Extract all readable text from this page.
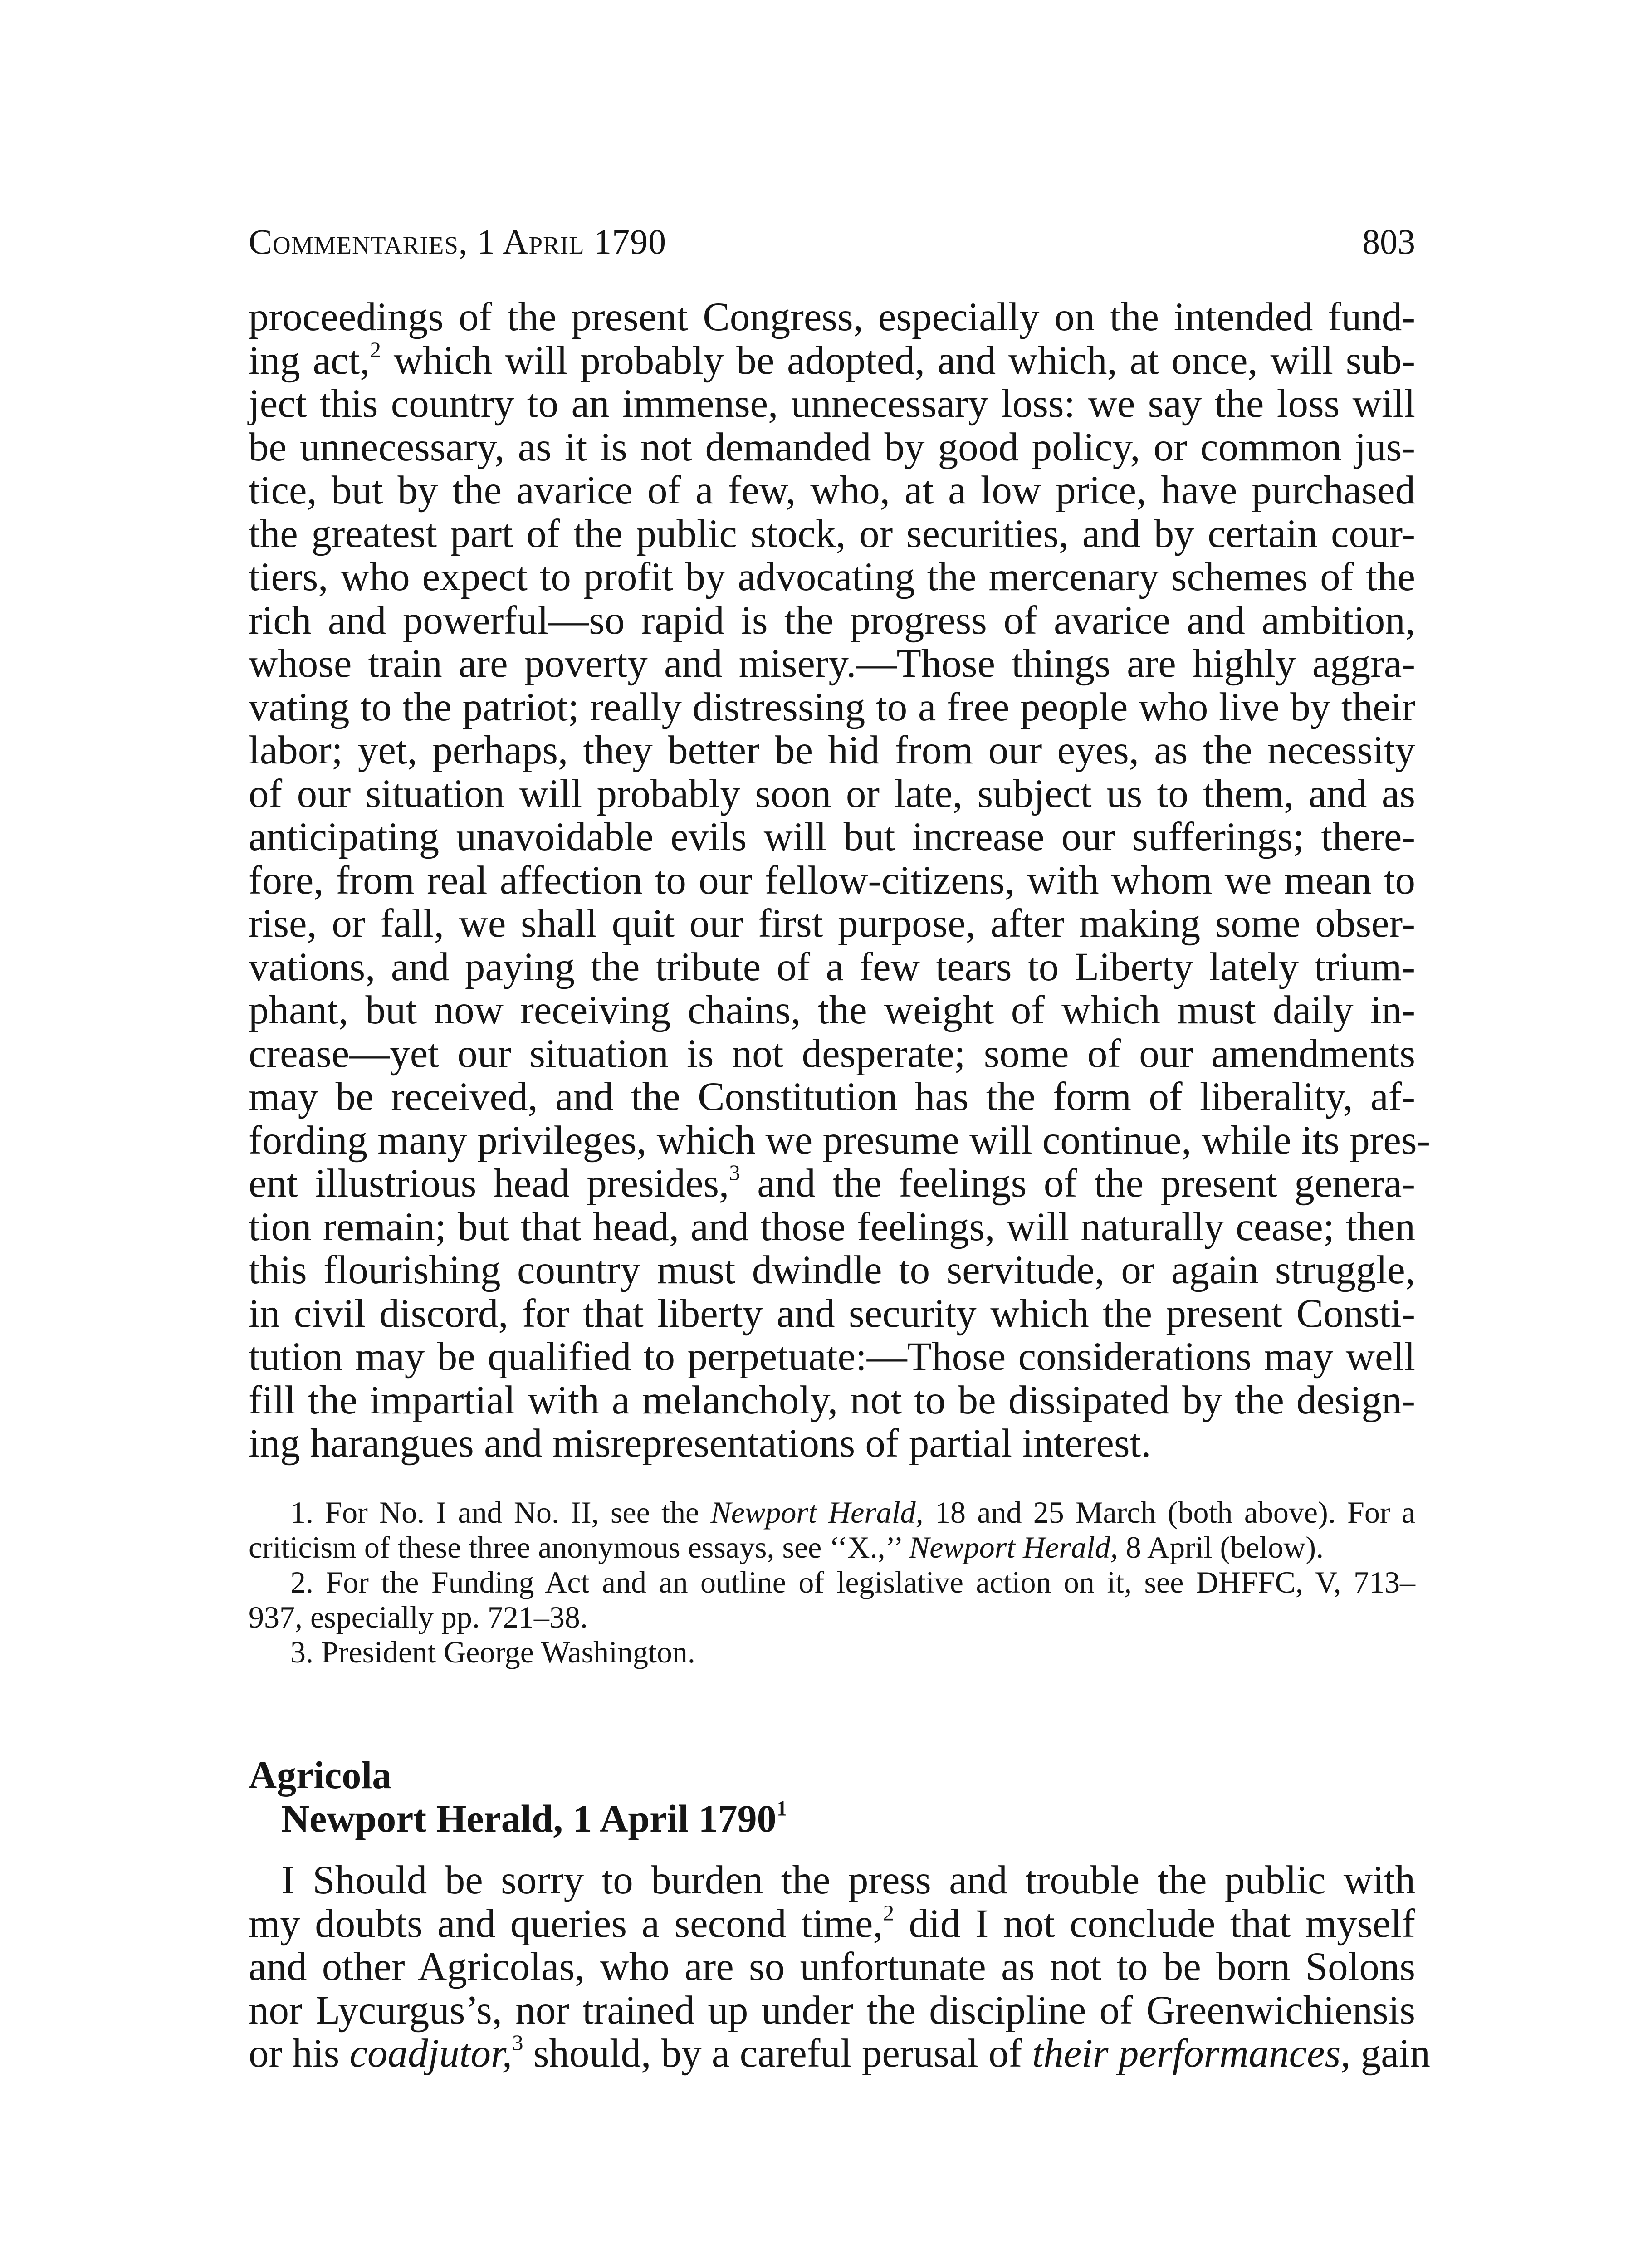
Commentaries, 1 April 1790	803
proceedings of the present Congress, especially on the intended fund-
ing act,$^2$ which will probably be adopted, and which, at once, will sub-
ject this country to an immense, unnecessary loss: we say the loss will
be unnecessary, as it is not demanded by good policy, or common jus-
tice, but by the avarice of a few, who, at a low price, have purchased
the greatest part of the public stock, or securities, and by certain cour-
tiers, who expect to profit by advocating the mercenary schemes of the
rich and powerful—so rapid is the progress of avarice and ambition,
whose train are poverty and misery.—Those things are highly aggra-
vating to the patriot; really distressing to a free people who live by their
labor; yet, perhaps, they better be hid from our eyes, as the necessity
of our situation will probably soon or late, subject us to them, and as
anticipating unavoidable evils will but increase our sufferings; there-
fore, from real affection to our fellow-citizens, with whom we mean to
rise, or fall, we shall quit our first purpose, after making some obser-
vations, and paying the tribute of a few tears to Liberty lately trium-
phant, but now receiving chains, the weight of which must daily in-
crease—yet our situation is not desperate; some of our amendments
may be received, and the Constitution has the form of liberality, af-
fording many privileges, which we presume will continue, while its pres-
ent illustrious head presides,$^3$ and the feelings of the present genera-
tion remain; but that head, and those feelings, will naturally cease; then
this flourishing country must dwindle to servitude, or again struggle,
in civil discord, for that liberty and security which the present Consti-
tution may be qualified to perpetuate:—Those considerations may well
fill the impartial with a melancholy, not to be dissipated by the design-
ing harangues and misrepresentations of partial interest.
1. For No. I and No. II, see the Newport Herald, 18 and 25 March (both above). For a
criticism of these three anonymous essays, see ‘‘X.,’’ Newport Herald, 8 April (below).
2. For the Funding Act and an outline of legislative action on it, see DHFFC, V, 713–
937, especially pp. 721–38.
3. President George Washington.
Agricola
Newport Herald, 1 April 1790$^1$
I Should be sorry to burden the press and trouble the public with
my doubts and queries a second time,$^2$ did I not conclude that myself
and other Agricolas, who are so unfortunate as not to be born Solons
nor Lycurgus’s, nor trained up under the discipline of Greenwichiensis
or his coadjutor,$^3$ should, by a careful perusal of their performances, gain
